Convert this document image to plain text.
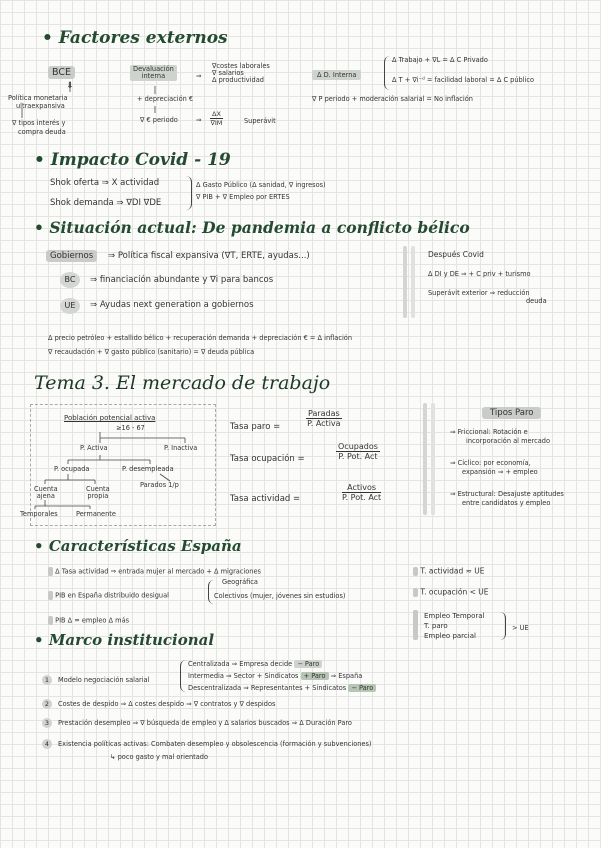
• Factores externos
BCE
⇓
Política monetaria
ultraexpansiva
∇ tipos interés y
compra deuda
Devaluación
interna	⇒
∇costes laborales
∇ salarios
Δ productividad
+ depreciación €
∇ € periodo	⇒ $\frac{\Delta X}{\nabla IM}$	Superávit
Δ D. Interna
Δ Trabajo + ∇L = Δ C Privado
Δ T + ∇i⁻ᵈ = facilidad laboral = Δ C público
∇ P periodo + moderación salarial = No inflación
• Impacto Covid - 19
Shok oferta ⇒ X actividad
Shok demanda ⇒ ∇DI ∇DE
Δ Gasto Público (Δ sanidad, ∇ ingresos)
∇ PIB + ∇ Empleo por ERTES
• Situación actual: De pandemia a conflicto bélico
Gobiernos	⇒ Política fiscal expansiva (∇T, ERTE, ayudas...)
BC	⇒ financiación abundante y ∇i para bancos
UE	⇒ Ayudas next generation a gobiernos
Después Covid
Δ DI y DE ⇒ + C priv + turismo
Superávit exterior ⇒ reducción
deuda
Δ precio petróleo + estallido bélico + recuperación demanda + depreciación € = Δ inflación
∇ recaudación + ∇ gasto público (sanitario) = ∇ deuda pública
Tema 3. El mercado de trabajo
Población potencial activa
≥16 - 67
P. Activa	P. Inactiva
P. ocupada	P. desempleada
Cuenta
ajena
Cuenta
propia
Parados 1/p
Temporales	Permanente
Tasa paro =
Paradas
P. Activa
Tasa ocupación =
Ocupados
P. Pot. Act
Tasa actividad =
Activos
P. Pot. Act
Tipos Paro
⇒ Friccional: Rotación e
incorporación al mercado
⇒ Cíclico: por economía,
expansión ⇒ + empleo
⇒ Estructural: Desajuste aptitudes
entre candidatos y empleo
• Características España
Δ Tasa actividad ⇒ entrada mujer al mercado + Δ migraciones
PIB en España distribuido desigual
Geográfica
Colectivos (mujer, jóvenes sin estudios)
PIB Δ = empleo Δ más
T. actividad ≈ UE
T. ocupación < UE
Empleo Temporal
T. paro
Empleo parcial
> UE
• Marco institucional
1	Modelo negociación salarial
Centralizada ⇒ Empresa decide − Paro
Intermedia ⇒ Sector + Sindicatos + Paro ⇒ España
Descentralizada ⇒ Representantes + Sindicatos − Paro
2	Costes de despido ⇒ Δ costes despido ⇒ ∇ contratos y ∇ despidos
3	Prestación desempleo ⇒ ∇ búsqueda de empleo y Δ salarios buscados ⇒ Δ Duración Paro
4	Existencia políticas activas: Combaten desempleo y obsolescencia (formación y subvenciones)
↳ poco gasto y mal orientado
